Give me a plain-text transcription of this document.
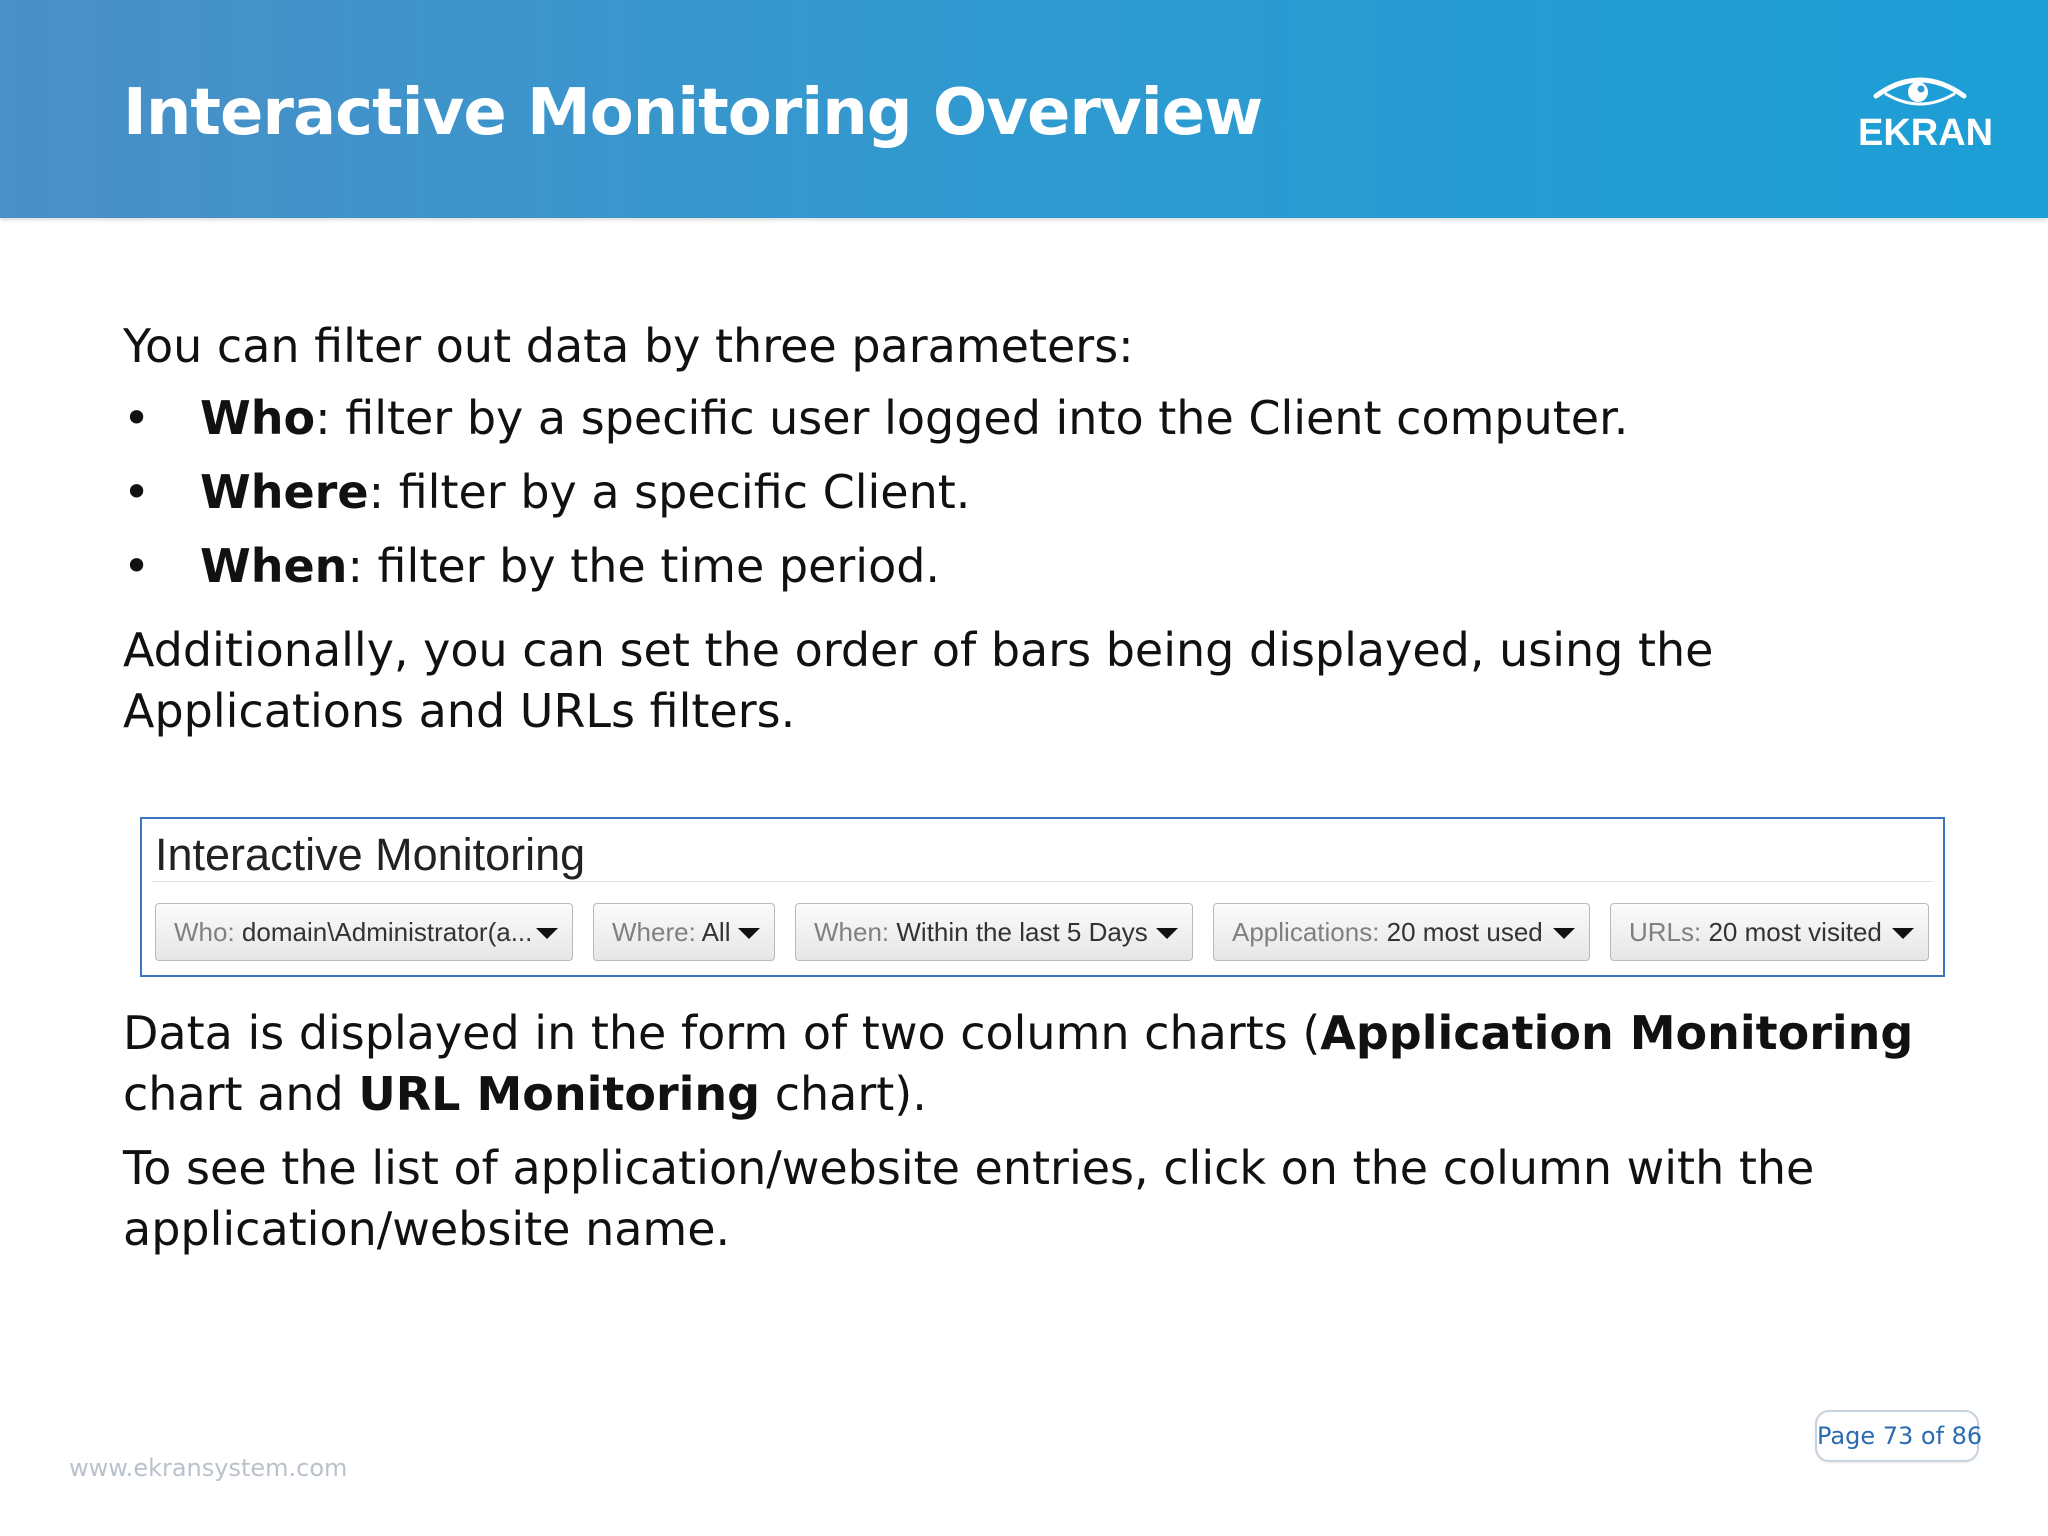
Interactive Monitoring Overview	EKRAN

You can filter out data by three parameters:

• Who: filter by a specific user logged into the Client computer.
• Where: filter by a specific Client.
• When: filter by the time period.

Additionally, you can set the order of bars being displayed, using the Applications and URLs filters.

Interactive Monitoring
Who: domain\Administrator(a...	Where: All	When: Within the last 5 Days	Applications: 20 most used	URLs: 20 most visited

Data is displayed in the form of two column charts (Application Monitoring chart and URL Monitoring chart).

To see the list of application/website entries, click on the column with the application/website name.

Page 73 of 86
www.ekransystem.com
